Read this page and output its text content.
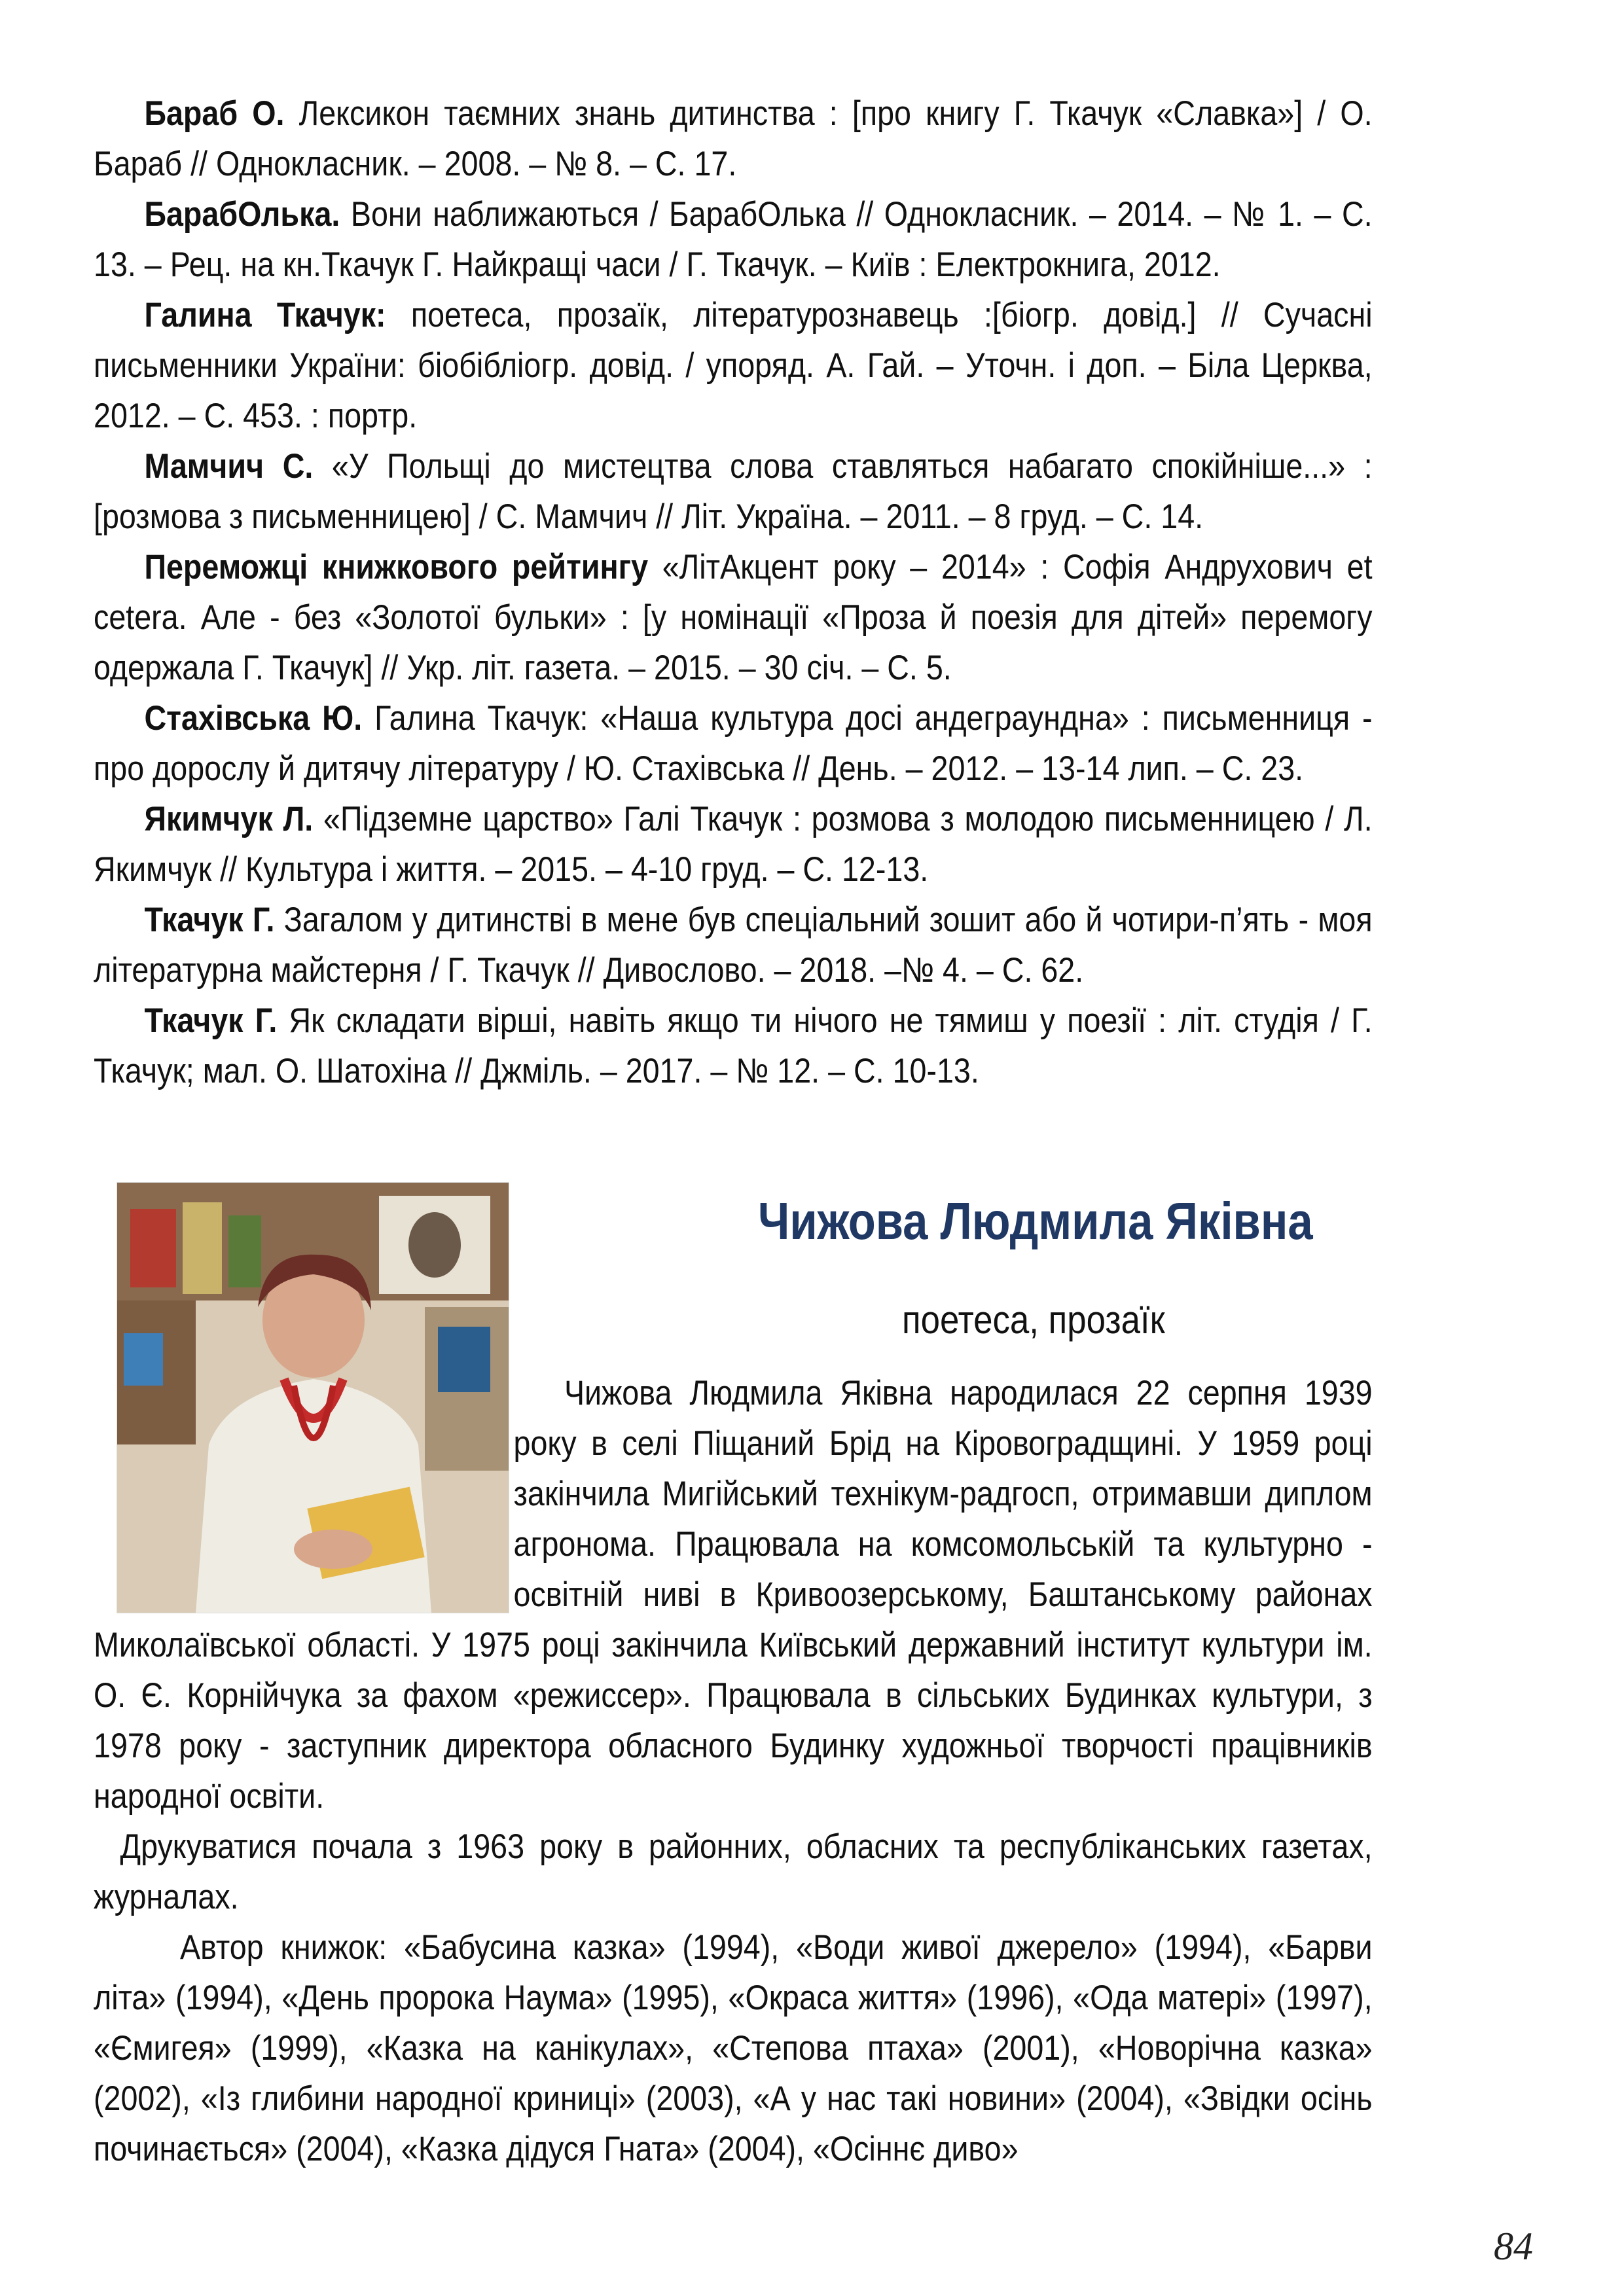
Бараб О. Лексикон таємних знань дитинства : [про книгу Г. Ткачук «Славка»] / О. Бараб // Однокласник. – 2008. – № 8. – С. 17.

БарабОлька. Вони наближаються / БарабОлька // Однокласник. – 2014. – № 1. – С. 13. – Рец. на кн.Ткачук Г. Найкращі часи / Г. Ткачук. – Київ : Електрокнига, 2012.

Галина Ткачук: поетеса, прозаїк, літературознавець :[біогр. довід.] // Сучасні письменники України: біобібліогр. довід. / упоряд. А. Гай. – Уточн. і доп. – Біла Церква, 2012. – С. 453. : портр.

Мамчич С. «У Польщі до мистецтва слова ставляться набагато спокійніше...» : [розмова з письменницею] / С. Мамчич // Літ. Україна. – 2011. – 8 груд. – С. 14.

Переможці книжкового рейтингу «ЛітАкцент року – 2014» : Софія Андрухович et cetera. Але - без «Золотої бульки» : [у номінації «Проза й поезія для дітей» перемогу одержала Г. Ткачук] // Укр. літ. газета. – 2015. – 30 січ. – С. 5.

Стахівська Ю. Галина Ткачук: «Наша культура досі андеграундна» : письменниця - про дорослу й дитячу літературу / Ю. Стахівська // День. – 2012. – 13-14 лип. – С. 23.

Якимчук Л. «Підземне царство» Галі Ткачук : розмова з молодою письменницею / Л. Якимчук // Культура і життя. – 2015. – 4-10 груд. – С. 12-13.

Ткачук Г. Загалом у дитинстві в мене був спеціальний зошит або й чотири-п’ять - моя літературна майстерня / Г. Ткачук // Дивослово. – 2018. –№ 4. – С. 62.

Ткачук Г. Як складати вірші, навіть якщо ти нічого не тямиш у поезії : літ. студія / Г. Ткачук; мал. О. Шатохіна // Джміль. – 2017. – № 12. – С. 10-13.

Чижова Людмила Яківна
поетеса, прозаїк

Чижова Людмила Яківна народилася 22 серпня 1939 року в селі Піщаний Брід на Кіровоградщині. У 1959 році закінчила Мигійський технікум-радгосп, отримавши диплом агронома. Працювала на комсомольській та культурно - освітній ниві в Кривоозерському, Баштанському районах Миколаївської області. У 1975 році закінчила Київський державний інститут культури ім. О. Є. Корнійчука за фахом «режиссер». Працювала в сільських Будинках культури, з 1978 року - заступник директора обласного Будинку художньої творчості працівників народної освіти.

Друкуватися почала з 1963 року в районних, обласних та республіканських газетах, журналах.

Автор книжок: «Бабусина казка» (1994), «Води живої джерело» (1994), «Барви літа» (1994), «День пророка Наума» (1995), «Окраса життя» (1996), «Ода матері» (1997), «Ємигея» (1999), «Казка на канікулах», «Степова птаха» (2001), «Новорічна казка» (2002), «Із глибини народної криниці» (2003), «А у нас такі новини» (2004), «Звідки осінь починається» (2004), «Казка дідуся Гната» (2004), «Осіннє диво»

84
